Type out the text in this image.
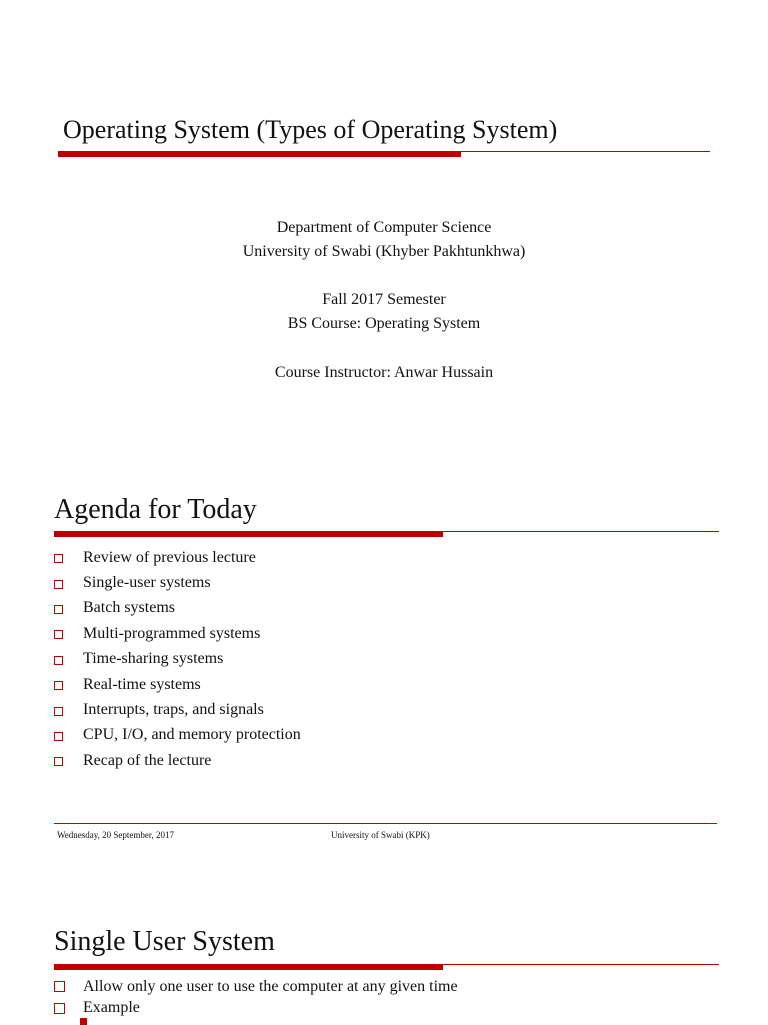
Operating System (Types of Operating System)
Department of Computer Science
University of Swabi (Khyber Pakhtunkhwa)
Fall 2017 Semester
BS Course: Operating System
Course Instructor: Anwar Hussain
Agenda for Today
Review of previous lecture
Single-user systems
Batch systems
Multi-programmed systems
Time-sharing systems
Real-time systems
Interrupts, traps, and signals
CPU, I/O, and memory protection
Recap of the lecture
Wednesday, 20 September, 2017	University of Swabi (KPK)
Single User System
Allow only one user to use the computer at any given time
Example
